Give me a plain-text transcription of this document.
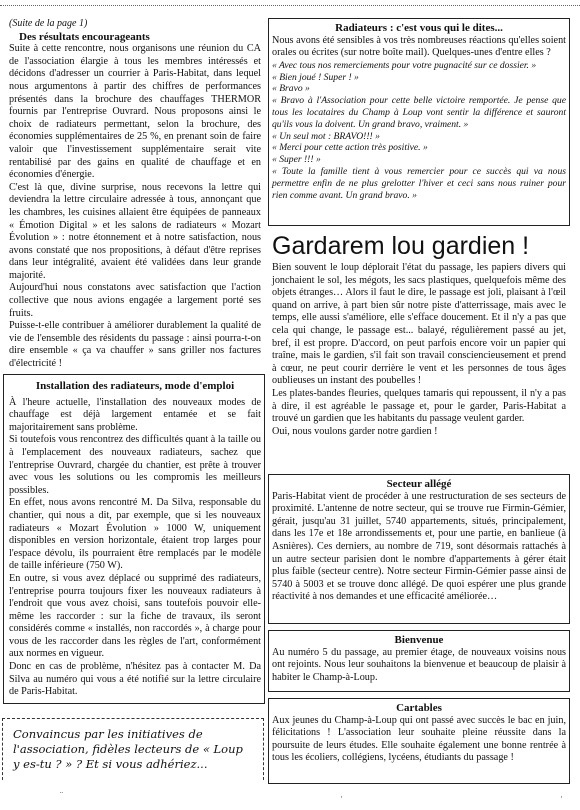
(Suite de la page 1)

Des résultats encourageants

Suite à cette rencontre, nous organisons une réunion du CA de l'association élargie à tous les membres intéressés et décidons d'adresser un courrier à Paris-Habitat, dans lequel nous argumentons à partir des chiffres de performances présentés dans la brochure des chauffages THERMOR fournis par l'entreprise Ouvrard. Nous proposons ainsi le choix de radiateurs permettant, selon la brochure, des économies supplémentaires de 25 %, en prenant soin de faire valoir que l'investissement supplémentaire serait vite rentabilisé par des gains en qualité de chauffage et en économies d'énergie.

C'est là que, divine surprise, nous recevons la lettre qui deviendra la lettre circulaire adressée à tous, annonçant que les chambres, les cuisines allaient être équipées de panneaux « Émotion Digital » et les salons de radiateurs « Mozart Évolution » : notre étonnement et à notre satisfaction, nous avons constaté que nos propositions, à défaut d'être reprises dans leur intégralité, avaient été validées dans leur grande majorité.

Aujourd'hui nous constatons avec satisfaction que l'action collective que nous avions engagée a largement porté ses fruits.

Puisse-t-elle contribuer à améliorer durablement la qualité de vie de l'ensemble des résidents du passage : ainsi pourra-t-on dire ensemble « ça va chauffer » sans griller nos factures d'électricité !

Installation des radiateurs, mode d'emploi

À l'heure actuelle, l'installation des nouveaux modes de chauffage est déjà largement entamée et se fait majoritairement sans problème.

Si toutefois vous rencontrez des difficultés quant à la taille ou à l'emplacement des nouveaux radiateurs, sachez que l'entreprise Ouvrard, chargée du chantier, est prête à trouver avec vous les solutions ou les compromis les meilleurs possibles.

En effet, nous avons rencontré M. Da Silva, responsable du chantier, qui nous a dit, par exemple, que si les nouveaux radiateurs « Mozart Évolution » 1000 W, uniquement disponibles en version horizontale, étaient trop larges pour l'espace dévolu, ils pourraient être remplacés par le modèle de taille inférieure (750 W).

En outre, si vous avez déplacé ou supprimé des radiateurs, l'entreprise pourra toujours fixer les nouveaux radiateurs à l'endroit que vous avez choisi, sans toutefois pouvoir elle-même les raccorder : sur la fiche de travaux, ils seront considérés comme « installés, non raccordés », à charge pour vous de les raccorder dans les règles de l'art, conformément aux normes en vigueur.

Donc en cas de problème, n'hésitez pas à contacter M. Da Silva au numéro qui vous a été notifié sur la lettre circulaire de Paris-Habitat.

Convaincus par les initiatives de l'association, fidèles lecteurs de « Loup y es-tu ? » ? Et si vous adhériez...

Radiateurs : c'est vous qui le dites...

Nous avons été sensibles à vos très nombreuses réactions qu'elles soient orales ou écrites (sur notre boîte mail). Quelques-unes d'entre elles ?

« Avec tous nos remerciements pour votre pugnacité sur ce dossier. »

« Bien joué ! Super ! »

« Bravo »

« Bravo à l'Association pour cette belle victoire remportée. Je pense que tous les locataires du Champ à Loup vont sentir la différence et sauront qu'ils vous la doivent. Un grand bravo, vraiment. »

« Un seul mot : BRAVO!!! »

« Merci pour cette action très positive. »

« Super !!! »

« Toute la famille tient à vous remercier pour ce succès qui va nous permettre enfin de ne plus grelotter l'hiver et ceci sans nous ruiner pour rien comme avant. Un grand bravo. »

Gardarem lou gardien !

Bien souvent le loup déplorait l'état du passage, les papiers divers qui jonchaient le sol, les mégots, les sacs plastiques, quelquefois même des objets étranges… Alors il faut le dire, le passage est joli, plaisant à l'œil quand on arrive, à part bien sûr notre piste d'atterrissage, mais avec le temps, elle aussi s'améliore, elle s'efface doucement. Et il n'y a pas que cela qui change, le passage est... balayé, régulièrement passé au jet, bref, il est propre. D'accord, on peut parfois encore voir un papier qui traîne, mais le gardien, s'il fait son travail consciencieusement et prend à cœur, ne peut courir derrière le vent et les personnes de tous âges oublieuses un instant des poubelles !

Les plates-bandes fleuries, quelques tamaris qui repoussent, il n'y a pas à dire, il est agréable le passage et, pour le garder, Paris-Habitat a trouvé un gardien que les habitants du passage veulent garder.

Oui, nous voulons garder notre gardien !

Secteur allégé

Paris-Habitat vient de procéder à une restructuration de ses secteurs de proximité. L'antenne de notre secteur, qui se trouve rue Firmin-Gémier, gérait, jusqu'au 31 juillet, 5740 appartements, situés, principalement, dans les 17e et 18e arrondissements et, pour une partie, en banlieue (à Asnières). Ces derniers, au nombre de 719, sont désormais rattachés à un autre secteur parisien dont le nombre d'appartements à gérer était plus faible (secteur centre). Notre secteur Firmin-Gémier passe ainsi de 5740 à 5003 et se trouve donc allégé. De quoi espérer une plus grande réactivité à nos demandes et une efficacité améliorée…

Bienvenue

Au numéro 5 du passage, au premier étage, de nouveaux voisins nous ont rejoints. Nous leur souhaitons la bienvenue et beaucoup de plaisir à habiter le Champ-à-Loup.

Cartables

Aux jeunes du Champ-à-Loup qui ont passé avec succès le bac en juin, félicitations ! L'association leur souhaite pleine réussite dans la poursuite de leurs études. Elle souhaite également une bonne rentrée à tous les écoliers, collégiens, lycéens, étudiants du passage !

¨	·	·
